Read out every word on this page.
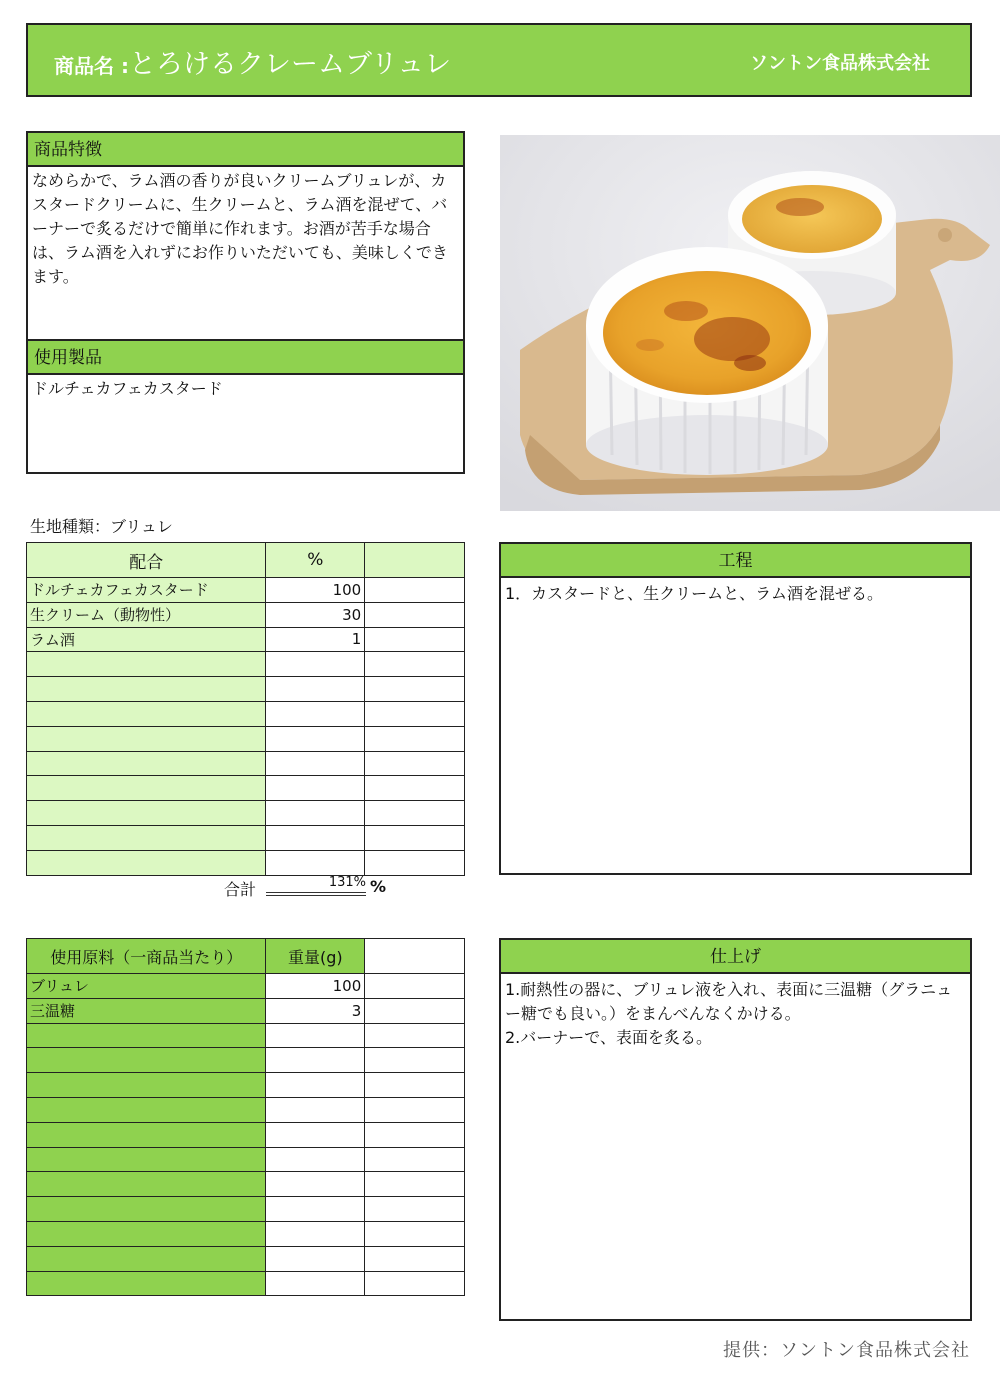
商品名 :とろけるクレームブリュレ	ソントン食品株式会社
商品特徴
なめらかで、ラム酒の香りが良いクリームブリュレが、カスタードクリームに、生クリームと、ラム酒を混ぜて、バーナーで炙るだけで簡単に作れます。お酒が苦手な場合は、ラム酒を入れずにお作りいただいても、美味しくできます。
使用製品
ドルチェカフェカスタード
生地種類：ブリュレ
配合	%	
ドルチェカフェカスタード	100	
生クリーム（動物性）	30	
ラム酒	1	

合計	131% %
工程
1．カスタードと、生クリームと、ラム酒を混ぜる。
使用原料（一商品当たり）	重量(g)	
ブリュレ	100	
三温糖	3	

仕上げ
1.耐熱性の器に、ブリュレ液を入れ、表面に三温糖（グラニュー糖でも良い。）をまんべんなくかける。
2.バーナーで、表面を炙る。
提供：ソントン食品株式会社
